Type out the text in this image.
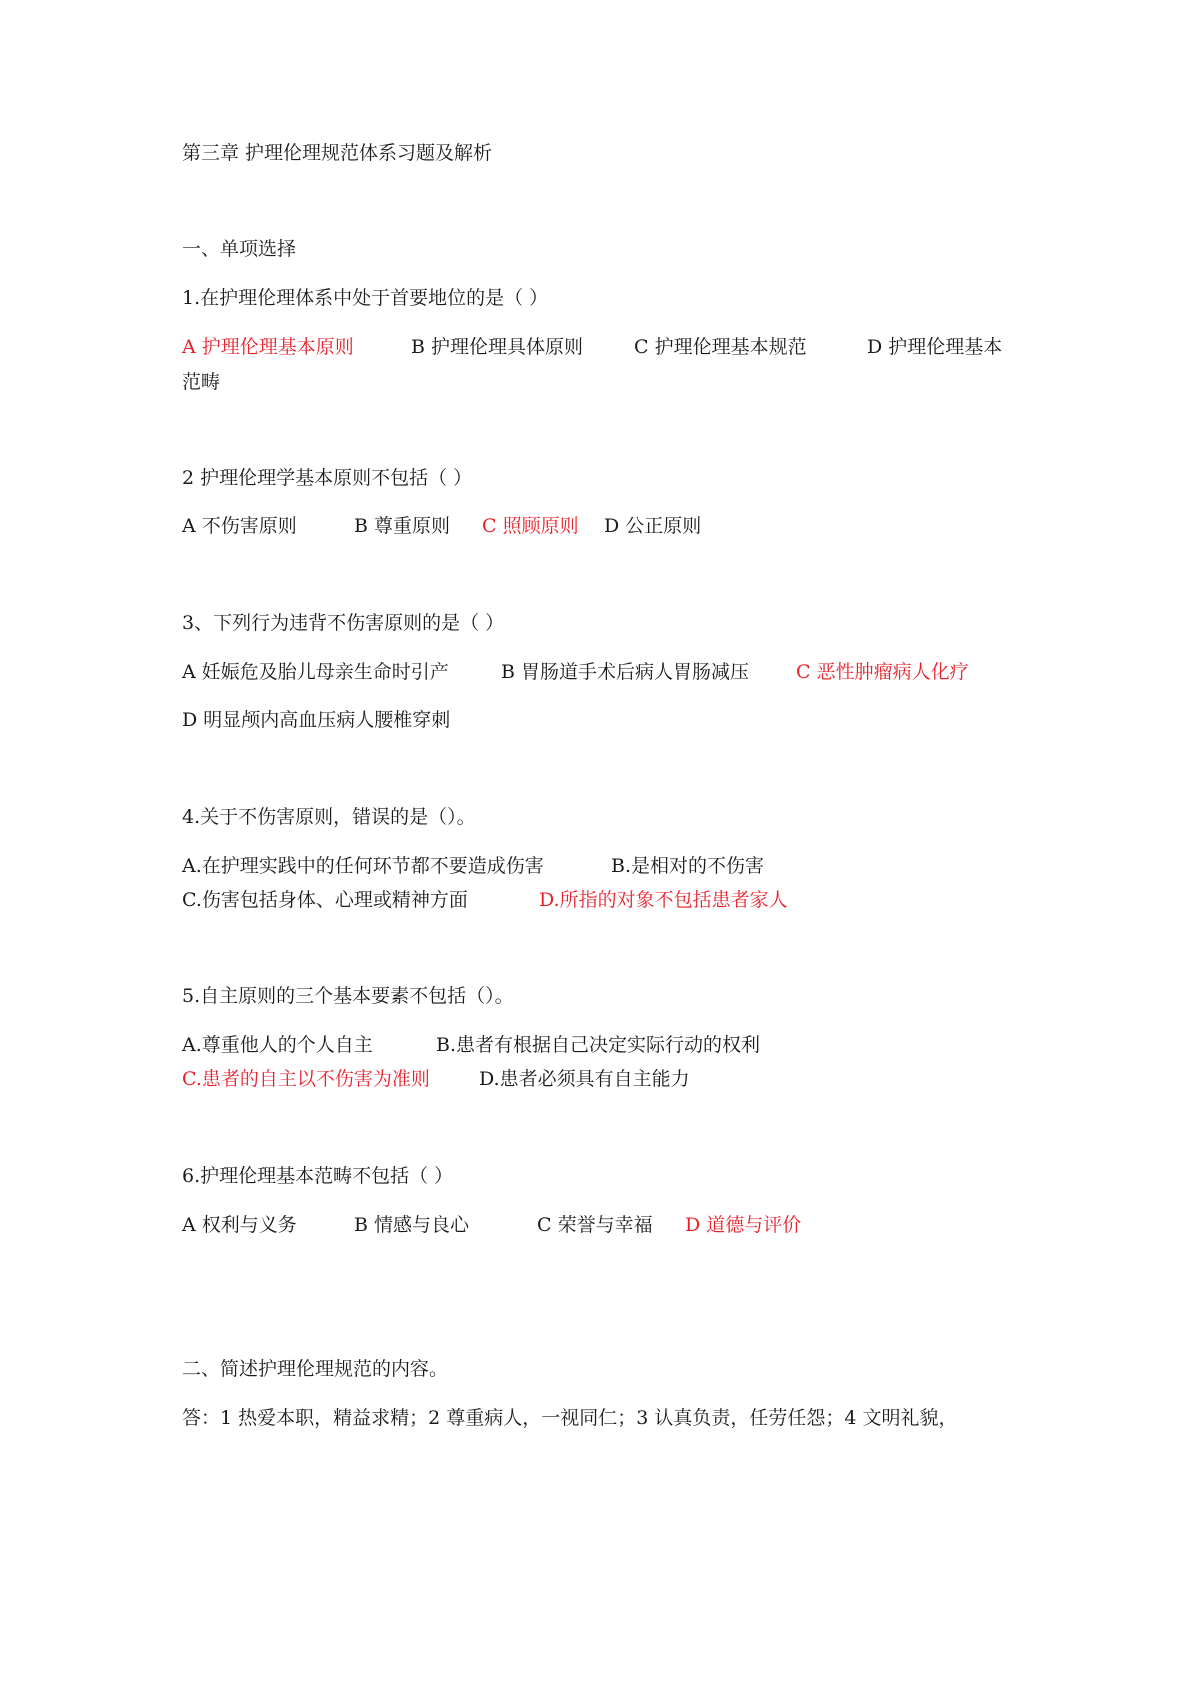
第三章 护理伦理规范体系习题及解析
一、单项选择
1.在护理伦理体系中处于首要地位的是（ ）
A 护理伦理基本原则	B 护理伦理具体原则	C 护理伦理基本规范	D 护理伦理基本
范畴
2 护理伦理学基本原则不包括（ ）
A 不伤害原则	B 尊重原则 C 照顾原则 D 公正原则
3、下列行为违背不伤害原则的是（ ）
A 妊娠危及胎儿母亲生命时引产	B 胃肠道手术后病人胃肠减压 C 恶性肿瘤病人化疗
D 明显颅内高血压病人腰椎穿刺
4.关于不伤害原则，错误的是（）。
A.在护理实践中的任何环节都不要造成伤害	B.是相对的不伤害
C.伤害包括身体、心理或精神方面	D.所指的对象不包括患者家人
5.自主原则的三个基本要素不包括（）。
A.尊重他人的个人自主	B.患者有根据自己决定实际行动的权利
C.患者的自主以不伤害为准则	D.患者必须具有自主能力
6.护理伦理基本范畴不包括（ ）
A 权利与义务	B 情感与良心	C 荣誉与幸福 D 道德与评价
二、简述护理伦理规范的内容。
答：1 热爱本职，精益求精；2 尊重病人，一视同仁；3 认真负责，任劳任怨；4 文明礼貌，
